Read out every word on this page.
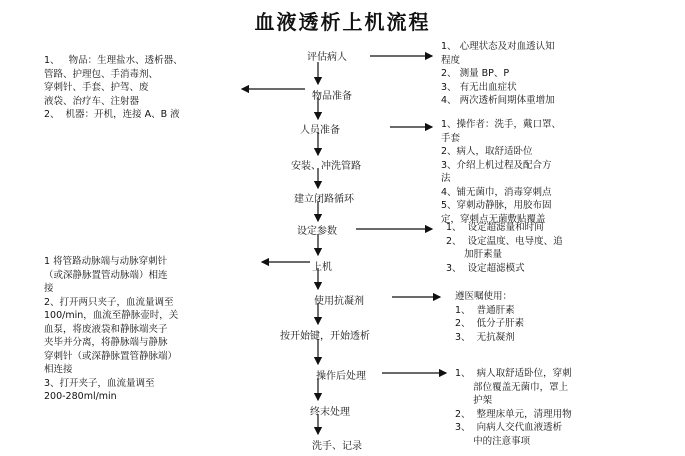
血液透析上机流程
评估病人
物品准备
人员准备
安装、冲洗管路
建立闭路循环
设定参数
上机
使用抗凝剂
按开始键，开始透析
操作后处理
终末处理
洗手、记录
1、 心理状态及对血透认知
程度
2、 测量 BP、P
3、 有无出血症状
4、 两次透析间期体重增加
1、   物品：生理盐水、透析器、
管路、护理包、手消毒剂、
穿刺针、手套、护驾、废
液袋、治疗车、注射器
2、  机器：开机，连接 A、B 液
1、操作者：洗手，戴口罩、
手套
2、病人，取舒适卧位
3、介绍上机过程及配合方
法
4、铺无菌巾，消毒穿刺点
5、穿刺动静脉，用胶布固
定，穿刺点无菌敷贴覆盖
1、  设定超滤量和时间
2、  设定温度、电导度、追
加肝素量
3、  设定超滤模式
1 将管路动脉端与动脉穿刺针
（或深静脉置管动脉端）相连
接
2、打开两只夹子，血流量调至
100/min，血流至静脉壶时，关
血泵，将废液袋和静脉端夹子
夹毕并分离，将静脉端与静脉
穿刺针（或深静脉置管静脉端）
相连接
3、打开夹子，血流量调至
200-280ml/min
遵医嘱使用：
1、  普通肝素
2、  低分子肝素
3、  无抗凝剂
1、  病人取舒适卧位，穿刺
部位覆盖无菌巾，罩上
护架
2、  整理床单元，清理用物
3、  向病人交代血液透析
中的注意事项
